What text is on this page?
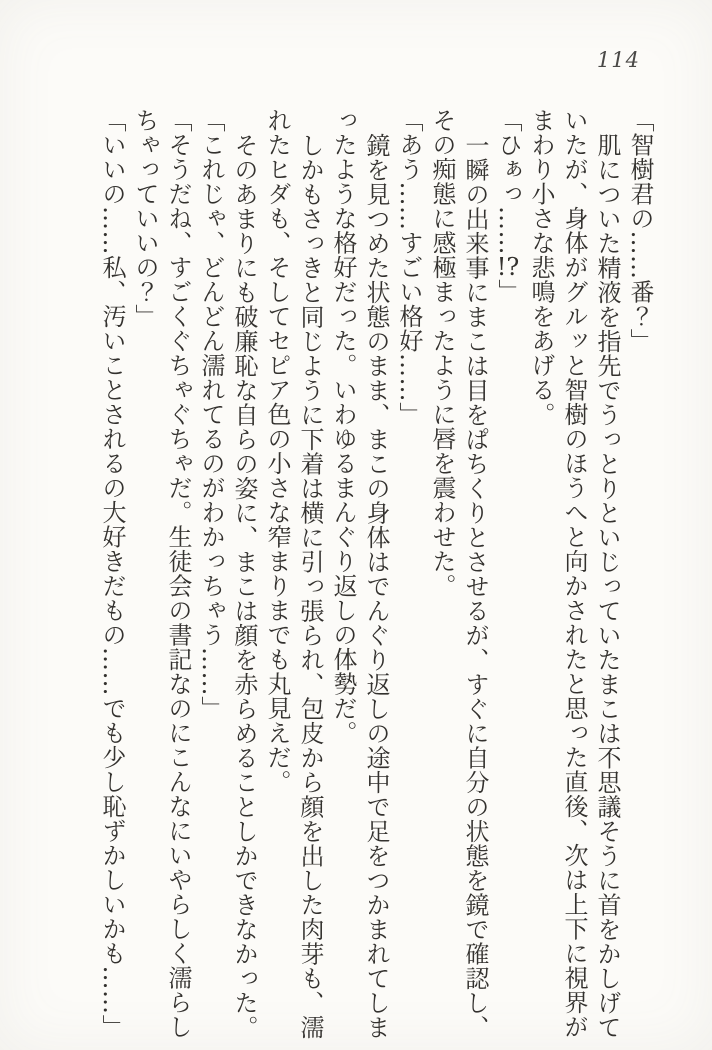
114

「智樹君の……番？」

肌についた精液を指先でうっとりといじっていたまこは不思議そうに首をかしげていたが、身体がグルッと智樹のほうへと向かされたと思った直後、次は上下に視界がまわり小さな悲鳴をあげる。

「ひぁっ……!?」

一瞬の出来事にまこは目をぱちくりとさせるが、すぐに自分の状態を鏡で確認し、その痴態に感極まったように唇を震わせた。

「あう……すごい格好……」

鏡を見つめた状態のまま、まこの身体はでんぐり返しの途中で足をつかまれてしまったような格好だった。いわゆるまんぐり返しの体勢だ。

しかもさっきと同じように下着は横に引っ張られ、包皮から顔を出した肉芽も、濡れたヒダも、そしてセピア色の小さな窄まりまでも丸見えだ。

そのあまりにも破廉恥な自らの姿に、まこは顔を赤らめることしかできなかった。

「これじゃ、どんどん濡れてるのがわかっちゃう……」

「そうだね、すごくぐちゃぐちゃだ。生徒会の書記なのにこんなにいやらしく濡らしちゃっていいの？」

「いいの……私、汚いことされるの大好きだもの……でも少し恥ずかしいかも……」
